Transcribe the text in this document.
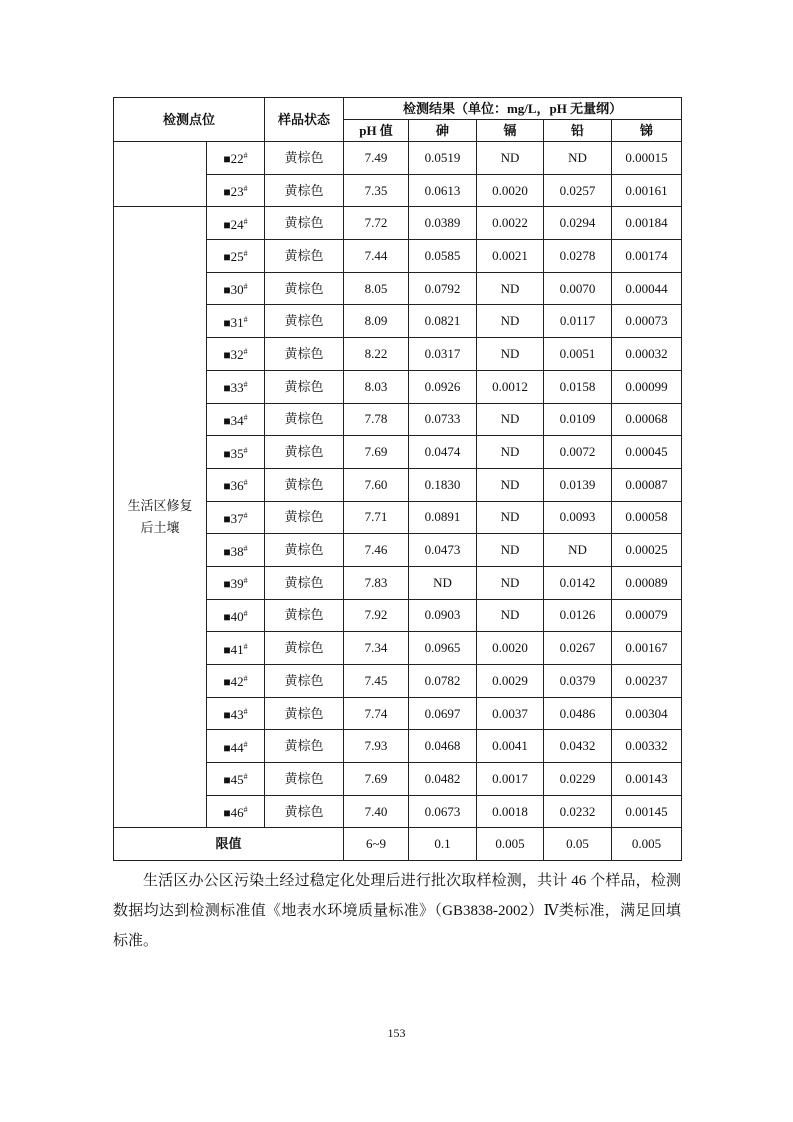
检测点位		样品状态	检测结果（单位：mg/L，pH 无量纲）				
			pH 值	砷	镉	铅	锑
	■22#	黄棕色	7.49	0.0519	ND	ND	0.00015
	■23#	黄棕色	7.35	0.0613	0.0020	0.0257	0.00161
生活区修复后土壤	■24#	黄棕色	7.72	0.0389	0.0022	0.0294	0.00184
	■25#	黄棕色	7.44	0.0585	0.0021	0.0278	0.00174
	■30#	黄棕色	8.05	0.0792	ND	0.0070	0.00044
	■31#	黄棕色	8.09	0.0821	ND	0.0117	0.00073
	■32#	黄棕色	8.22	0.0317	ND	0.0051	0.00032
	■33#	黄棕色	8.03	0.0926	0.0012	0.0158	0.00099
	■34#	黄棕色	7.78	0.0733	ND	0.0109	0.00068
	■35#	黄棕色	7.69	0.0474	ND	0.0072	0.00045
	■36#	黄棕色	7.60	0.1830	ND	0.0139	0.00087
	■37#	黄棕色	7.71	0.0891	ND	0.0093	0.00058
	■38#	黄棕色	7.46	0.0473	ND	ND	0.00025
	■39#	黄棕色	7.83	ND	ND	0.0142	0.00089
	■40#	黄棕色	7.92	0.0903	ND	0.0126	0.00079
	■41#	黄棕色	7.34	0.0965	0.0020	0.0267	0.00167
	■42#	黄棕色	7.45	0.0782	0.0029	0.0379	0.00237
	■43#	黄棕色	7.74	0.0697	0.0037	0.0486	0.00304
	■44#	黄棕色	7.93	0.0468	0.0041	0.0432	0.00332
	■45#	黄棕色	7.69	0.0482	0.0017	0.0229	0.00143
	■46#	黄棕色	7.40	0.0673	0.0018	0.0232	0.00145
限值			6~9	0.1	0.005	0.05	0.005

生活区办公区污染土经过稳定化处理后进行批次取样检测，共计 46 个样品，检测数据均达到检测标准值《地表水环境质量标准》（GB3838-2002）Ⅳ类标准，满足回填标准。

153
